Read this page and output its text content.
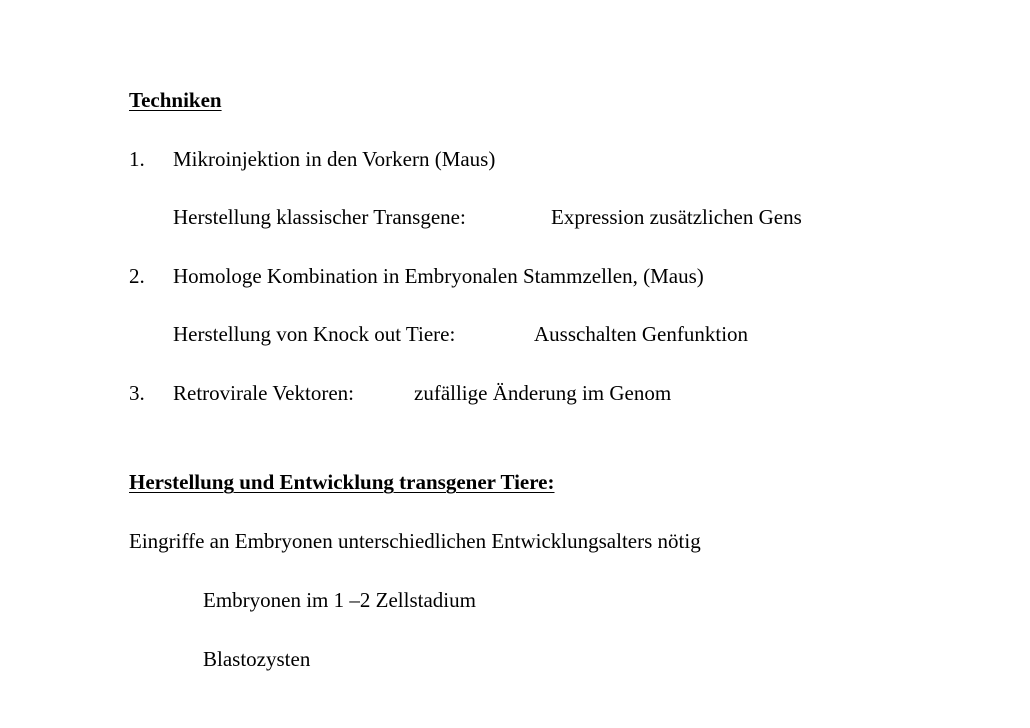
Techniken
1. Mikroinjektion in den Vorkern (Maus)
Herstellung klassischer Transgene:	Expression zusätzlichen Gens
2. Homologe Kombination in Embryonalen Stammzellen, (Maus)
Herstellung von Knock out Tiere:	Ausschalten Genfunktion
3. Retrovirale Vektoren:	zufällige Änderung im Genom
Herstellung und Entwicklung transgener Tiere:
Eingriffe an Embryonen unterschiedlichen Entwicklungsalters nötig
Embryonen im 1 –2 Zellstadium
Blastozysten
